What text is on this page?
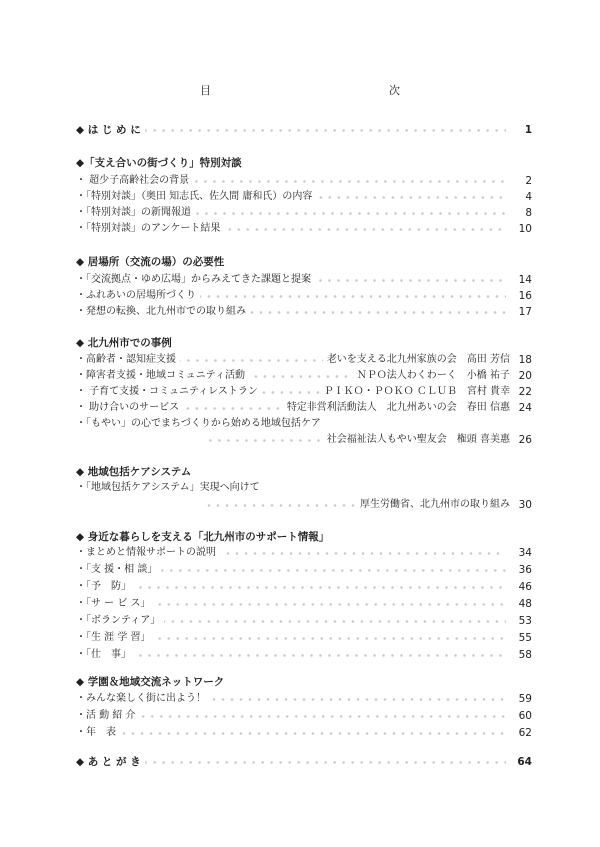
目　　次
◆ は じ め に	1
◆「支え合いの街づくり」特別対談
・ 超少子高齢社会の背景	2
・「特別対談」（奥田 知志氏、佐久間 庸和氏）の内容	4
・「特別対談」の新聞報道	8
・「特別対談」のアンケート結果	10
◆ 居場所（交流の場）の必要性
・「交流拠点・ゆめ広場」からみえてきた課題と提案	14
・ふれあいの居場所づくり	16
・発想の転換、北九州市での取り組み	17
◆ 北九州市での事例
・高齢者・認知症支援	老いを支える北九州家族の会　高田 芳信 18
・障害者支援・地域コミュニティ活動	ＮＰＯ法人わくわーく　小橋 祐子 20
・ 子育て支援・コミュニティレストラン	ＰＩＫＯ・ＰＯＫＯ ＣＬＵＢ　宮村 貴幸 22
・ 助け合いのサービス	特定非営利活動法人　北九州あいの会　春田 信惠 24
・「もやい」の心でまちづくりから始める地域包括ケア
社会福祉法人もやい聖友会　権頭 喜美惠 26
◆ 地域包括ケアシステム
・「地域包括ケアシステム」実現へ向けて
厚生労働省、北九州市の取り組み 30
◆ 身近な暮らしを支える「北九州市のサポート情報」
・まとめと情報サポートの説明	34
・「支 援・相 談」	36
・「予　防」	46
・「サ ー ビ ス」	48
・「ボランティア」	53
・「生 涯 学 習」	55
・「仕　事」	58
◆ 学園＆地域交流ネットワーク
・みんな楽しく街に出よう！	59
・活 動 紹 介	60
・年　表	62
◆ あ と が き	64
